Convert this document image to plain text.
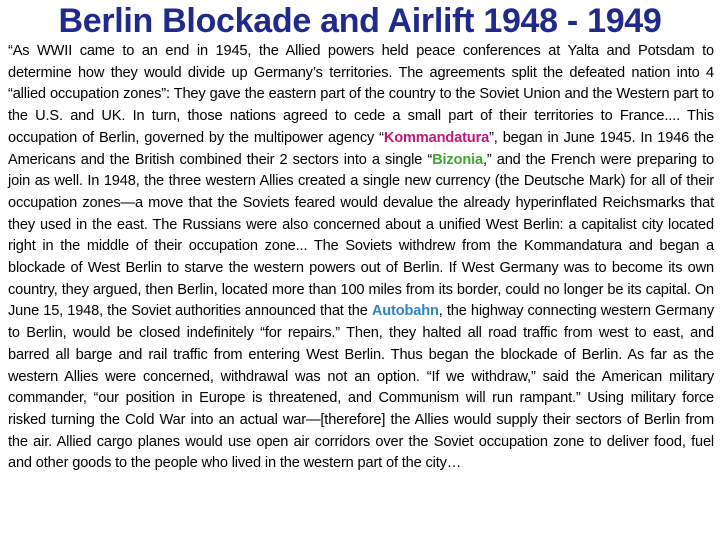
Berlin Blockade and Airlift 1948 - 1949
“As WWII came to an end in 1945, the Allied powers held peace conferences at Yalta and Potsdam to determine how they would divide up Germany’s territories. The agreements split the defeated nation into 4 “allied occupation zones”: They gave the eastern part of the country to the Soviet Union and the Western part to the U.S. and UK. In turn, those nations agreed to cede a small part of their territories to France.... This occupation of Berlin, governed by the multipower agency “Kommandatura”, began in June 1945. In 1946 the Americans and the British combined their 2 sectors into a single “Bizonia,” and the French were preparing to join as well. In 1948, the three western Allies created a single new currency (the Deutsche Mark) for all of their occupation zones—a move that the Soviets feared would devalue the already hyperinflated Reichsmarks that they used in the east. The Russians were also concerned about a unified West Berlin: a capitalist city located right in the middle of their occupation zone... The Soviets withdrew from the Kommandatura and began a blockade of West Berlin to starve the western powers out of Berlin. If West Germany was to become its own country, they argued, then Berlin, located more than 100 miles from its border, could no longer be its capital. On June 15, 1948, the Soviet authorities announced that the Autobahn, the highway connecting western Germany to Berlin, would be closed indefinitely “for repairs.” Then, they halted all road traffic from west to east, and barred all barge and rail traffic from entering West Berlin. Thus began the blockade of Berlin. As far as the western Allies were concerned, withdrawal was not an option. “If we withdraw,” said the American military commander, “our position in Europe is threatened, and Communism will run rampant.” Using military force risked turning the Cold War into an actual war—[therefore] the Allies would supply their sectors of Berlin from the air. Allied cargo planes would use open air corridors over the Soviet occupation zone to deliver food, fuel and other goods to the people who lived in the western part of the city…
